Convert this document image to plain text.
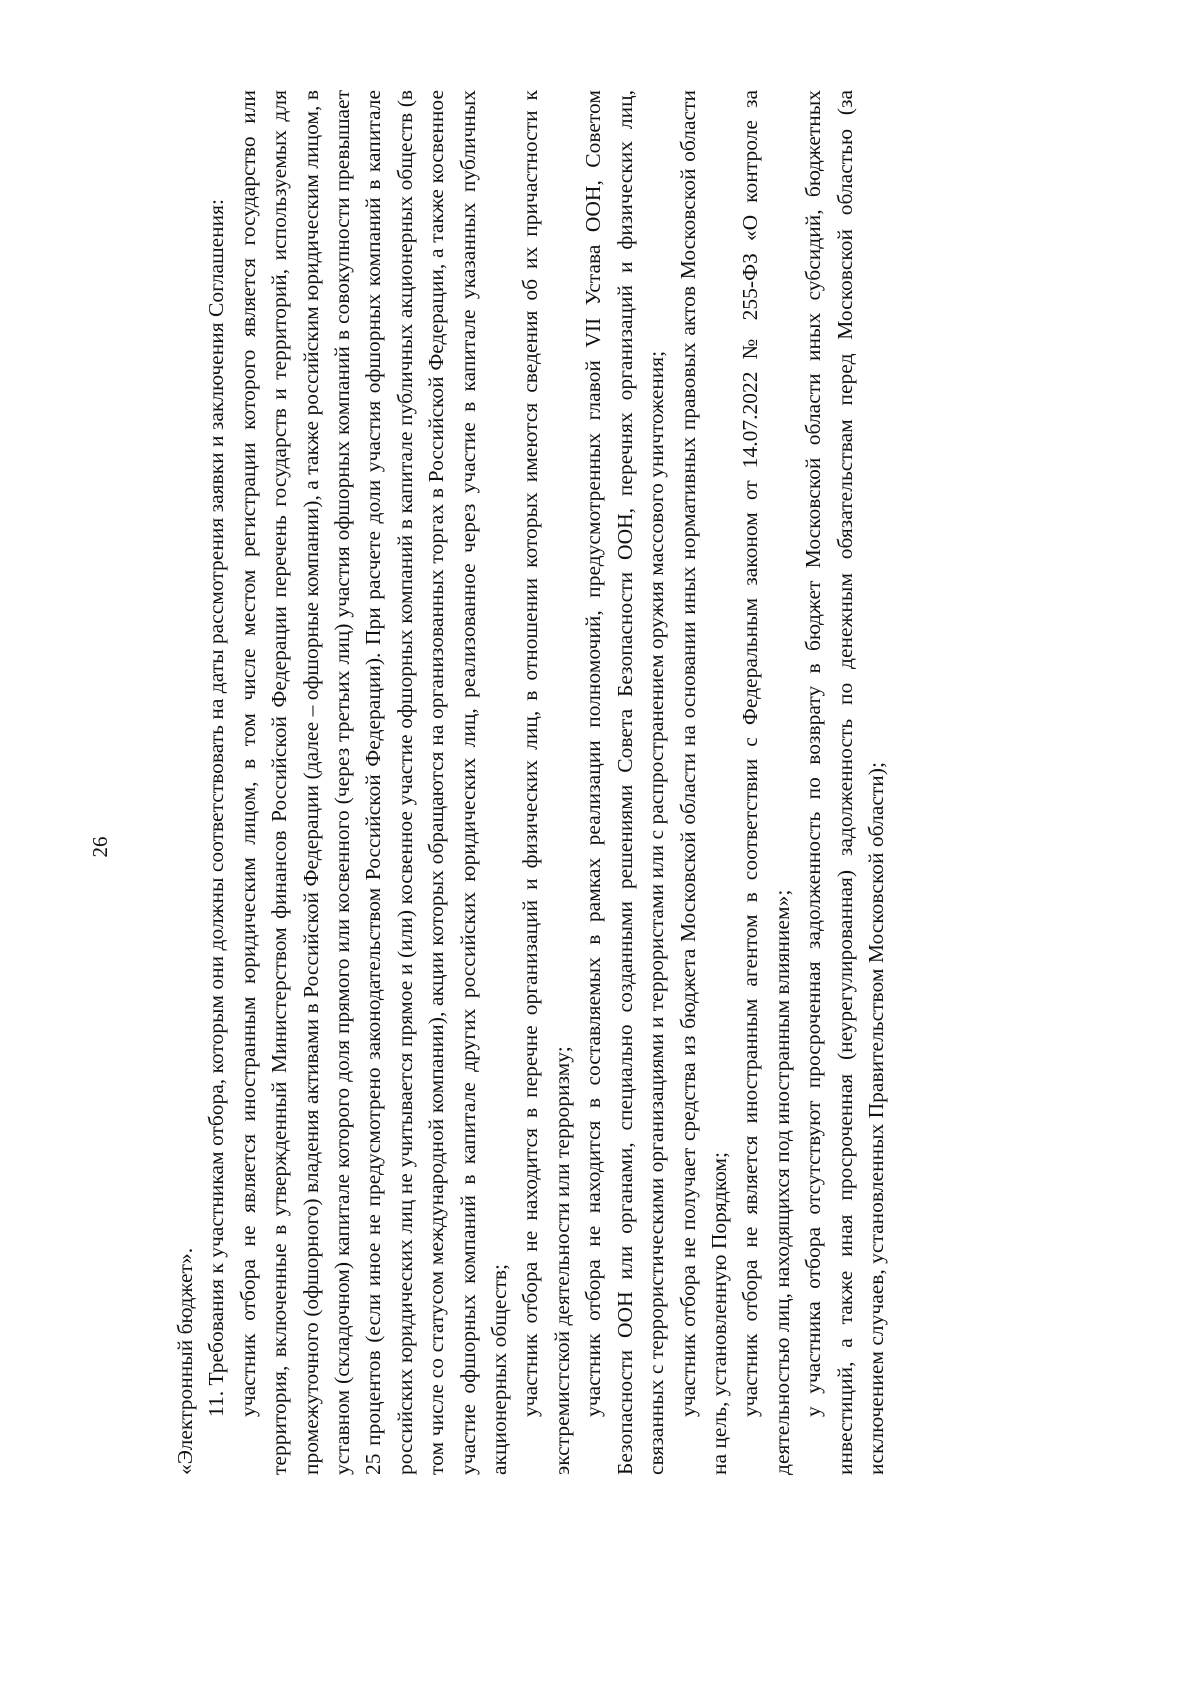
26

«Электронный бюджет». 11. Требования к участникам отбора, которым они должны соответствовать на даты рассмотрения заявки и заключения Соглашения: участник отбора не является иностранным юридическим лицом, в том числе местом регистрации которого является государство или территория, включенные в утвержденный Министерством финансов Российской Федерации перечень государств и территорий, используемых для промежуточного (офшорного) владения активами в Российской Федерации (далее – офшорные компании), а также российским юридическим лицом, в уставном (складочном) капитале которого доля прямого или косвенного (через третьих лиц) участия офшорных компаний в совокупности превышает 25 процентов (если иное не предусмотрено законодательством Российской Федерации). При расчете доли участия офшорных компаний в капитале российских юридических лиц не учитывается прямое и (или) косвенное участие офшорных компаний в капитале публичных акционерных обществ (в том числе со статусом международной компании), акции которых обращаются на организованных торгах в Российской Федерации, а также косвенное участие офшорных компаний в капитале других российских юридических лиц, реализованное через участие в капитале указанных публичных акционерных обществ; участник отбора не находится в перечне организаций и физических лиц, в отношении которых имеются сведения об их причастности к экстремистской деятельности или терроризму; участник отбора не находится в составляемых в рамках реализации полномочий, предусмотренных главой VII Устава ООН, Советом Безопасности ООН или органами, специально созданными решениями Совета Безопасности ООН, перечнях организаций и физических лиц, связанных с террористическими организациями и террористами или с распространением оружия массового уничтожения; участник отбора не получает средства из бюджета Московской области на основании иных нормативных правовых актов Московской области на цель, установленную Порядком; участник отбора не является иностранным агентом в соответствии с Федеральным законом от 14.07.2022 № 255-ФЗ «О контроле за деятельностью лиц, находящихся под иностранным влиянием»; у участника отбора отсутствуют просроченная задолженность по возврату в бюджет Московской области иных субсидий, бюджетных инвестиций, а также иная просроченная (неурегулированная) задолженность по денежным обязательствам перед Московской областью (за исключением случаев, установленных Правительством Московской области);
